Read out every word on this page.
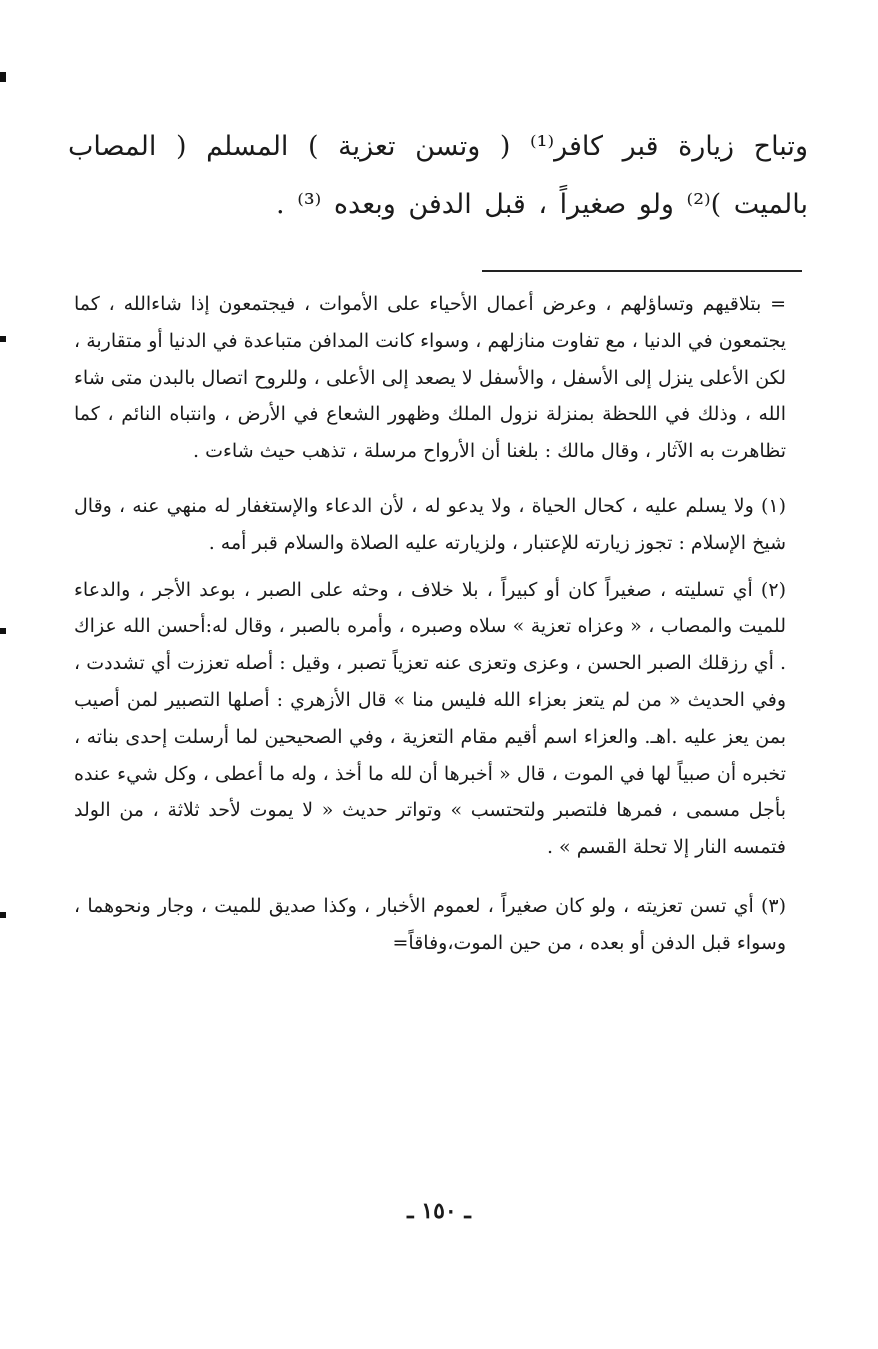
وتباح زيارة قبر كافر⁽¹⁾ ( وتسن تعزية ) المسلم ( المصاب بالميت )⁽²⁾ ولو صغيراً ، قبل الدفن وبعده ⁽³⁾ .

= بتلاقيهم وتساؤلهم ، وعرض أعمال الأحياء على الأموات ، فيجتمعون إذا شاءالله ، كما يجتمعون في الدنيا ، مع تفاوت منازلهم ، وسواء كانت المدافن متباعدة في الدنيا أو متقاربة ، لكن الأعلى ينزل إلى الأسفل ، والأسفل لا يصعد إلى الأعلى ، وللروح اتصال بالبدن متى شاء الله ، وذلك في اللحظة بمنزلة نزول الملك وظهور الشعاع في الأرض ، وانتباه النائم ، كما تظاهرت به الآثار ، وقال مالك : بلغنا أن الأرواح مرسلة ، تذهب حيث شاءت .

(١) ولا يسلم عليه ، كحال الحياة ، ولا يدعو له ، لأن الدعاء والإستغفار له منهي عنه ، وقال شيخ الإسلام : تجوز زيارته للإعتبار ، ولزيارته عليه الصلاة والسلام قبر أمه .

(٢) أي تسليته ، صغيراً كان أو كبيراً ، بلا خلاف ، وحثه على الصبر ، بوعد الأجر ، والدعاء للميت والمصاب ، « وعزاه تعزية » سلاه وصبره ، وأمره بالصبر ، وقال له:أحسن الله عزاك . أي رزقلك الصبر الحسن ، وعزى وتعزى عنه تعزياً تصبر ، وقيل : أصله تعززت أي تشددت ، وفي الحديث « من لم يتعز بعزاء الله فليس منا » قال الأزهري : أصلها التصبير لمن أصيب بمن يعز عليه .اهـ. والعزاء اسم أقيم مقام التعزية ، وفي الصحيحين لما أرسلت إحدى بناته ، تخبره أن صبياً لها في الموت ، قال « أخبرها أن لله ما أخذ ، وله ما أعطى ، وكل شيء عنده بأجل مسمى ، فمرها فلتصبر ولتحتسب » وتواتر حديث « لا يموت لأحد ثلاثة ، من الولد فتمسه النار إلا تحلة القسم » .

(٣) أي تسن تعزيته ، ولو كان صغيراً ، لعموم الأخبار ، وكذا صديق للميت ، وجار ونحوهما ، وسواء قبل الدفن أو بعده ، من حين الموت،وفاقاً=

ـ ١٥٠ ـ
